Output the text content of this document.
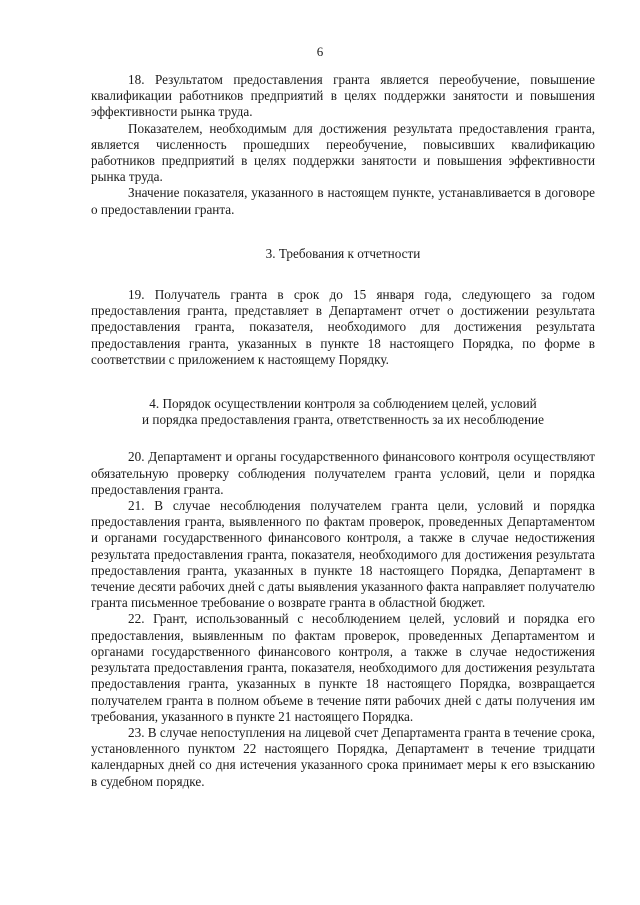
6

18. Результатом предоставления гранта является переобучение, повышение квалификации работников предприятий в целях поддержки занятости и повышения эффективности рынка труда.

Показателем, необходимым для достижения результата предоставления гранта, является численность прошедших переобучение, повысивших квалификацию работников предприятий в целях поддержки занятости и повышения эффективности рынка труда.

Значение показателя, указанного в настоящем пункте, устанавливается в договоре о предоставлении гранта.

3. Требования к отчетности

19. Получатель гранта в срок до 15 января года, следующего за годом предоставления гранта, представляет в Департамент отчет о достижении результата предоставления гранта, показателя, необходимого для достижения результата предоставления гранта, указанных в пункте 18 настоящего Порядка, по форме в соответствии с приложением к настоящему Порядку.

4. Порядок осуществлении контроля за соблюдением целей, условий
и порядка предоставления гранта, ответственность за их несоблюдение

20. Департамент и органы государственного финансового контроля осуществляют обязательную проверку соблюдения получателем гранта условий, цели и порядка предоставления гранта.

21. В случае несоблюдения получателем гранта цели, условий и порядка предоставления гранта, выявленного по фактам проверок, проведенных Департаментом и органами государственного финансового контроля, а также в случае недостижения результата предоставления гранта, показателя, необходимого для достижения результата предоставления гранта, указанных в пункте 18 настоящего Порядка, Департамент в течение десяти рабочих дней с даты выявления указанного факта направляет получателю гранта письменное требование о возврате гранта в областной бюджет.

22. Грант, использованный с несоблюдением целей, условий и порядка его предоставления, выявленным по фактам проверок, проведенных Департаментом и органами государственного финансового контроля, а также в случае недостижения результата предоставления гранта, показателя, необходимого для достижения результата предоставления гранта, указанных в пункте 18 настоящего Порядка, возвращается получателем гранта в полном объеме в течение пяти рабочих дней с даты получения им требования, указанного в пункте 21 настоящего Порядка.

23. В случае непоступления на лицевой счет Департамента гранта в течение срока, установленного пунктом 22 настоящего Порядка, Департамент в течение тридцати календарных дней со дня истечения указанного срока принимает меры к его взысканию в судебном порядке.
